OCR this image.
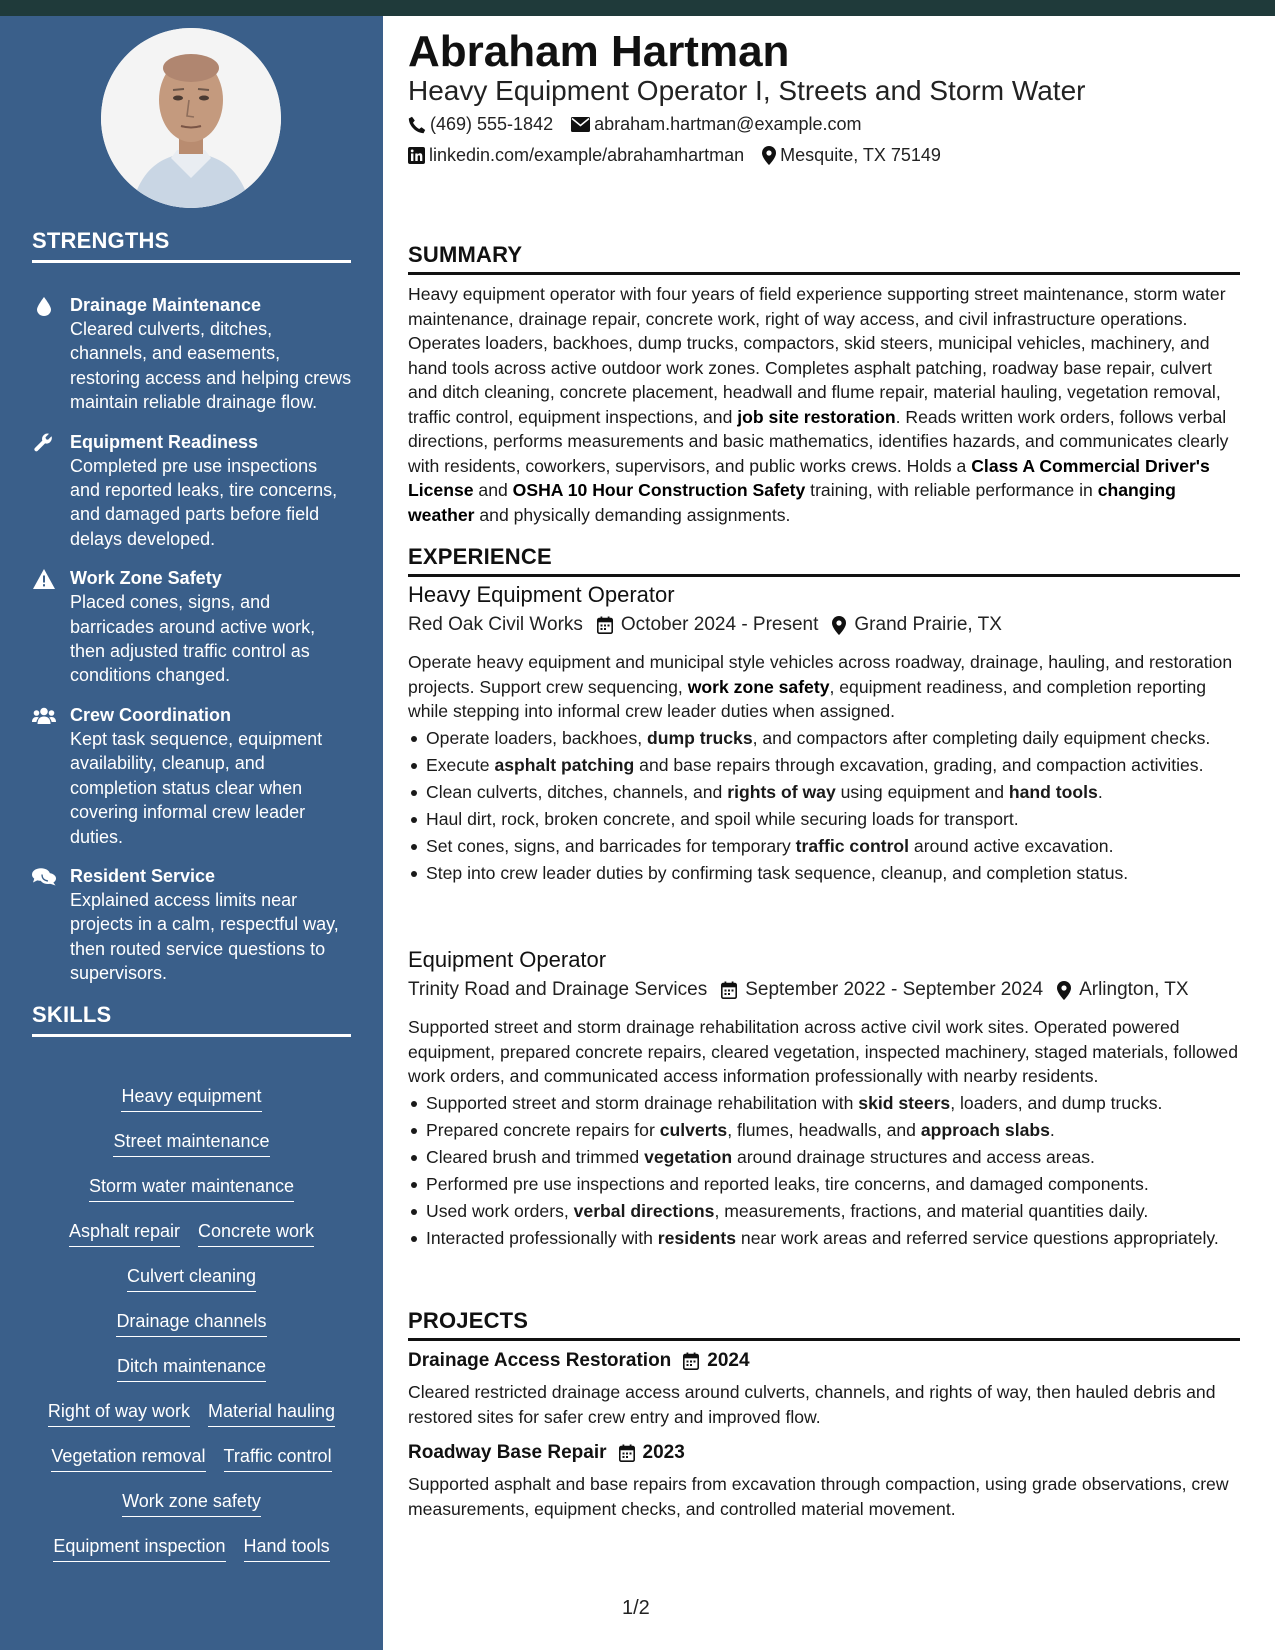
STRENGTHS
Drainage Maintenance
Cleared culverts, ditches, channels, and easements, restoring access and helping crews maintain reliable drainage flow.
Equipment Readiness
Completed pre use inspections and reported leaks, tire concerns, and damaged parts before field delays developed.
Work Zone Safety
Placed cones, signs, and barricades around active work, then adjusted traffic control as conditions changed.
Crew Coordination
Kept task sequence, equipment availability, cleanup, and completion status clear when covering informal crew leader duties.
Resident Service
Explained access limits near projects in a calm, respectful way, then routed service questions to supervisors.
SKILLS
Heavy equipment
Street maintenance
Storm water maintenance
Asphalt repair Concrete work
Culvert cleaning
Drainage channels
Ditch maintenance
Right of way work Material hauling
Vegetation removal Traffic control
Work zone safety
Equipment inspection Hand tools
Abraham Hartman
Heavy Equipment Operator I, Streets and Storm Water
(469) 555-1842 abraham.hartman@example.com
linkedin.com/example/abrahamhartman Mesquite, TX 75149
SUMMARY
Heavy equipment operator with four years of field experience supporting street maintenance, storm water maintenance, drainage repair, concrete work, right of way access, and civil infrastructure operations. Operates loaders, backhoes, dump trucks, compactors, skid steers, municipal vehicles, machinery, and hand tools across active outdoor work zones. Completes asphalt patching, roadway base repair, culvert and ditch cleaning, concrete placement, headwall and flume repair, material hauling, vegetation removal, traffic control, equipment inspections, and job site restoration. Reads written work orders, follows verbal directions, performs measurements and basic mathematics, identifies hazards, and communicates clearly with residents, coworkers, supervisors, and public works crews. Holds a Class A Commercial Driver's License and OSHA 10 Hour Construction Safety training, with reliable performance in changing weather and physically demanding assignments.
EXPERIENCE
Heavy Equipment Operator
Red Oak Civil Works October 2024 - Present Grand Prairie, TX
Operate heavy equipment and municipal style vehicles across roadway, drainage, hauling, and restoration projects. Support crew sequencing, work zone safety, equipment readiness, and completion reporting while stepping into informal crew leader duties when assigned.
Operate loaders, backhoes, dump trucks, and compactors after completing daily equipment checks.
Execute asphalt patching and base repairs through excavation, grading, and compaction activities.
Clean culverts, ditches, channels, and rights of way using equipment and hand tools.
Haul dirt, rock, broken concrete, and spoil while securing loads for transport.
Set cones, signs, and barricades for temporary traffic control around active excavation.
Step into crew leader duties by confirming task sequence, cleanup, and completion status.
Equipment Operator
Trinity Road and Drainage Services September 2022 - September 2024 Arlington, TX
Supported street and storm drainage rehabilitation across active civil work sites. Operated powered equipment, prepared concrete repairs, cleared vegetation, inspected machinery, staged materials, followed work orders, and communicated access information professionally with nearby residents.
Supported street and storm drainage rehabilitation with skid steers, loaders, and dump trucks.
Prepared concrete repairs for culverts, flumes, headwalls, and approach slabs.
Cleared brush and trimmed vegetation around drainage structures and access areas.
Performed pre use inspections and reported leaks, tire concerns, and damaged components.
Used work orders, verbal directions, measurements, fractions, and material quantities daily.
Interacted professionally with residents near work areas and referred service questions appropriately.
PROJECTS
Drainage Access Restoration 2024
Cleared restricted drainage access around culverts, channels, and rights of way, then hauled debris and restored sites for safer crew entry and improved flow.
Roadway Base Repair 2023
Supported asphalt and base repairs from excavation through compaction, using grade observations, crew measurements, equipment checks, and controlled material movement.
1/2
